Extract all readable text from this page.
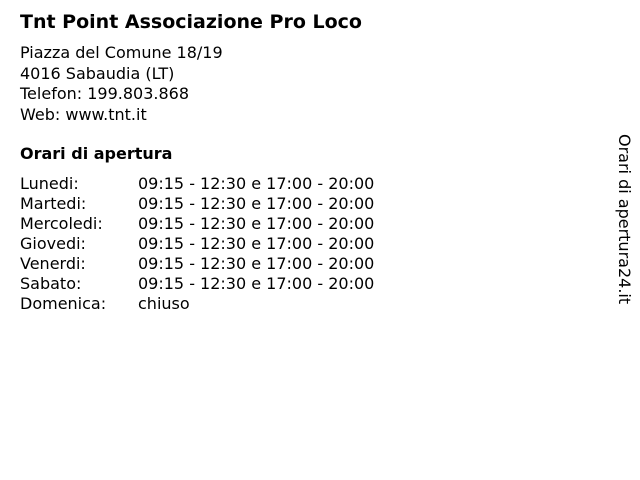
Tnt Point Associazione Pro Loco
Piazza del Comune 18/19
4016 Sabaudia (LT)
Telefon: 199.803.868
Web: www.tnt.it
Orari di apertura
Lunedi:	09:15 - 12:30 e 17:00 - 20:00
Martedi:	09:15 - 12:30 e 17:00 - 20:00
Mercoledi: 09:15 - 12:30 e 17:00 - 20:00
Giovedi:	09:15 - 12:30 e 17:00 - 20:00
Venerdi:	09:15 - 12:30 e 17:00 - 20:00
Sabato:	09:15 - 12:30 e 17:00 - 20:00
Domenica: chiuso	Orari di apertura24.it
